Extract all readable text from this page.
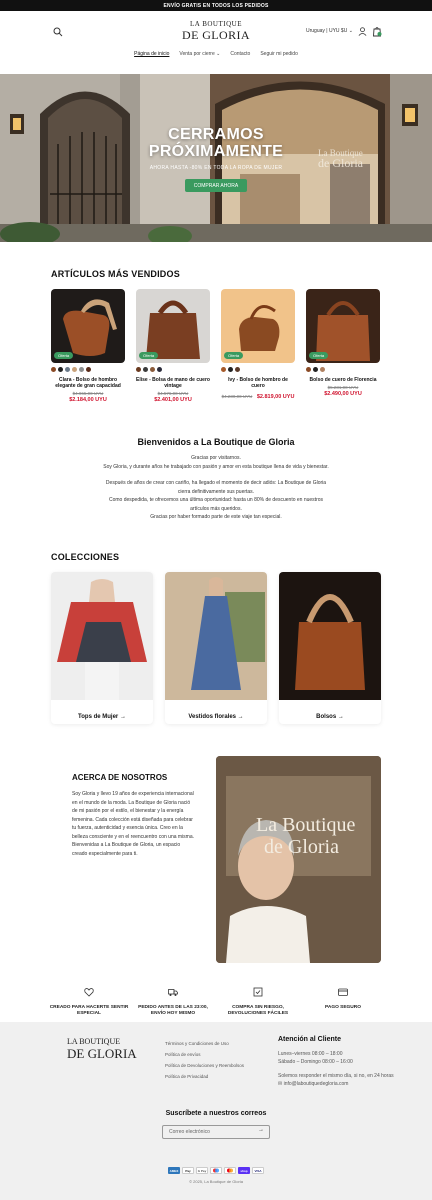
ENVÍO GRATIS EN TODOS LOS PEDIDOS
LA BOUTIQUE
DE GLORIA	Uruguay | UYU $U ⌄
Página de inicio Venta por cierre ⌄ Contacto Seguir mi pedido
La Boutique
de Gloria
CERRAMOS
PRÓXIMAMENTE
AHORA HASTA -80% EN TODA LA ROPA DE MUJER
COMPRAR AHORA
ARTÍCULOS MÁS VENDIDOS
Oferta
Clara - Bolso de hombro elegante de gran capacidad
$4.065,00 UYU
$2.184,00 UYU
Oferta
Elise - Bolsa de mano de cuero vintage
$4.576,00 UYU
$2.401,00 UYU
Oferta
Ivy - Bolso de hombro de cuero
$4.230,00 UYU $2.819,00 UYU
Oferta
Bolso de cuero de Florencia
$5.231,00 UYU
$2.490,00 UYU
Bienvenidos a La Boutique de Gloria

Gracias por visitarnos.

Soy Gloria, y durante años he trabajado con pasión y amor en esta boutique llena de vida y bienestar.

Después de años de crear con cariño, ha llegado el momento de decir adiós: La Boutique de Gloria cierra definitivamente sus puertas.

Como despedida, te ofrecemos una última oportunidad: hasta un 80% de descuento en nuestros artículos más queridos.

Gracias por haber formado parte de este viaje tan especial.

COLECCIONES
Tops de Mujer →	Vestidos florales →	Bolsos →
ACERCA DE NOSOTROS
Soy Gloria y llevo 19 años de experiencia internacional en el mundo de la moda. La Boutique de Gloria nació de mi pasión por el estilo, el bienestar y la energía femenina. Cada colección está diseñada para celebrar tu fuerza, autenticidad y esencia única. Creo en la belleza consciente y en el reencuentro con una misma. Bienvenidas a La Boutique de Gloria, un espacio creado especialmente para ti.
La Boutique
de Gloria
CREADO PARA HACERTE SENTIR
ESPECIAL
PEDIDO ANTES DE LAS 23:00,
ENVÍO HOY MISMO
COMPRA SIN RIESGO,
DEVOLUCIONES FÁCILES
PAGO SEGURO
LA BOUTIQUE
DE GLORIA
Términos y Condiciones de Uso
Política de envíos
Política de Devoluciones y Reembolsos
Política de Privacidad
Atención al Cliente
Lunes–viernes 08:00 – 18:00
Sábado – Domingo 08:00 – 16:00
Solemos responder el mismo día, si no, en 24 horas
✉ info@laboutiquedegloria.com
Suscríbete a nuestros correos
Correo electrónico	→
AMEX	Pay	G Pay	shop	VISA
© 2025, La Boutique de Gloria
